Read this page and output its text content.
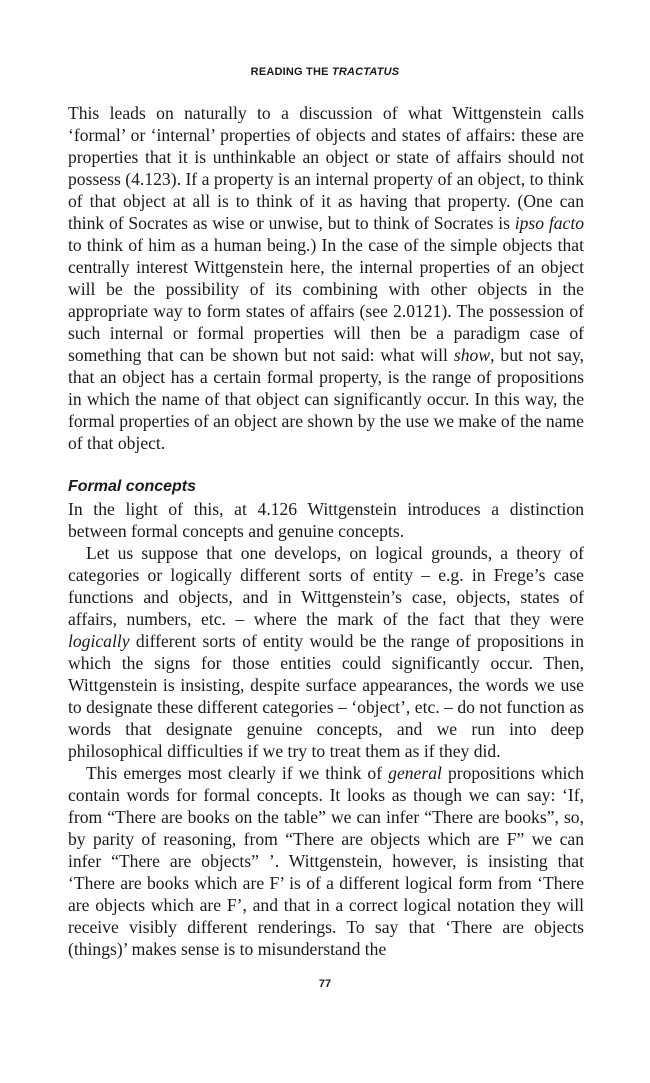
READING THE TRACTATUS

This leads on naturally to a discussion of what Wittgenstein calls ‘formal’ or ‘internal’ properties of objects and states of affairs: these are properties that it is unthinkable an object or state of affairs should not possess (4.123). If a property is an internal property of an object, to think of that object at all is to think of it as having that property. (One can think of Socrates as wise or unwise, but to think of Socrates is ipso facto to think of him as a human being.) In the case of the simple objects that centrally interest Wittgenstein here, the internal properties of an object will be the possibility of its combining with other objects in the appropriate way to form states of affairs (see 2.0121). The possession of such internal or formal properties will then be a paradigm case of something that can be shown but not said: what will show, but not say, that an object has a certain formal property, is the range of propositions in which the name of that object can significantly occur. In this way, the formal properties of an object are shown by the use we make of the name of that object.

Formal concepts

In the light of this, at 4.126 Wittgenstein introduces a distinction between formal concepts and genuine concepts.

Let us suppose that one develops, on logical grounds, a theory of categories or logically different sorts of entity – e.g. in Frege’s case functions and objects, and in Wittgenstein’s case, objects, states of affairs, numbers, etc. – where the mark of the fact that they were logically different sorts of entity would be the range of propositions in which the signs for those entities could significantly occur. Then, Wittgenstein is insisting, despite surface appearances, the words we use to designate these different categories – ‘object’, etc. – do not function as words that designate genuine concepts, and we run into deep philosophical difficulties if we try to treat them as if they did.

This emerges most clearly if we think of general propositions which contain words for formal concepts. It looks as though we can say: ‘If, from “There are books on the table” we can infer “There are books”, so, by parity of reasoning, from “There are objects which are F” we can infer “There are objects” ’. Wittgenstein, however, is insisting that ‘There are books which are F’ is of a different logical form from ‘There are objects which are F’, and that in a correct logical notation they will receive visibly different renderings. To say that ‘There are objects (things)’ makes sense is to misunderstand the

77
